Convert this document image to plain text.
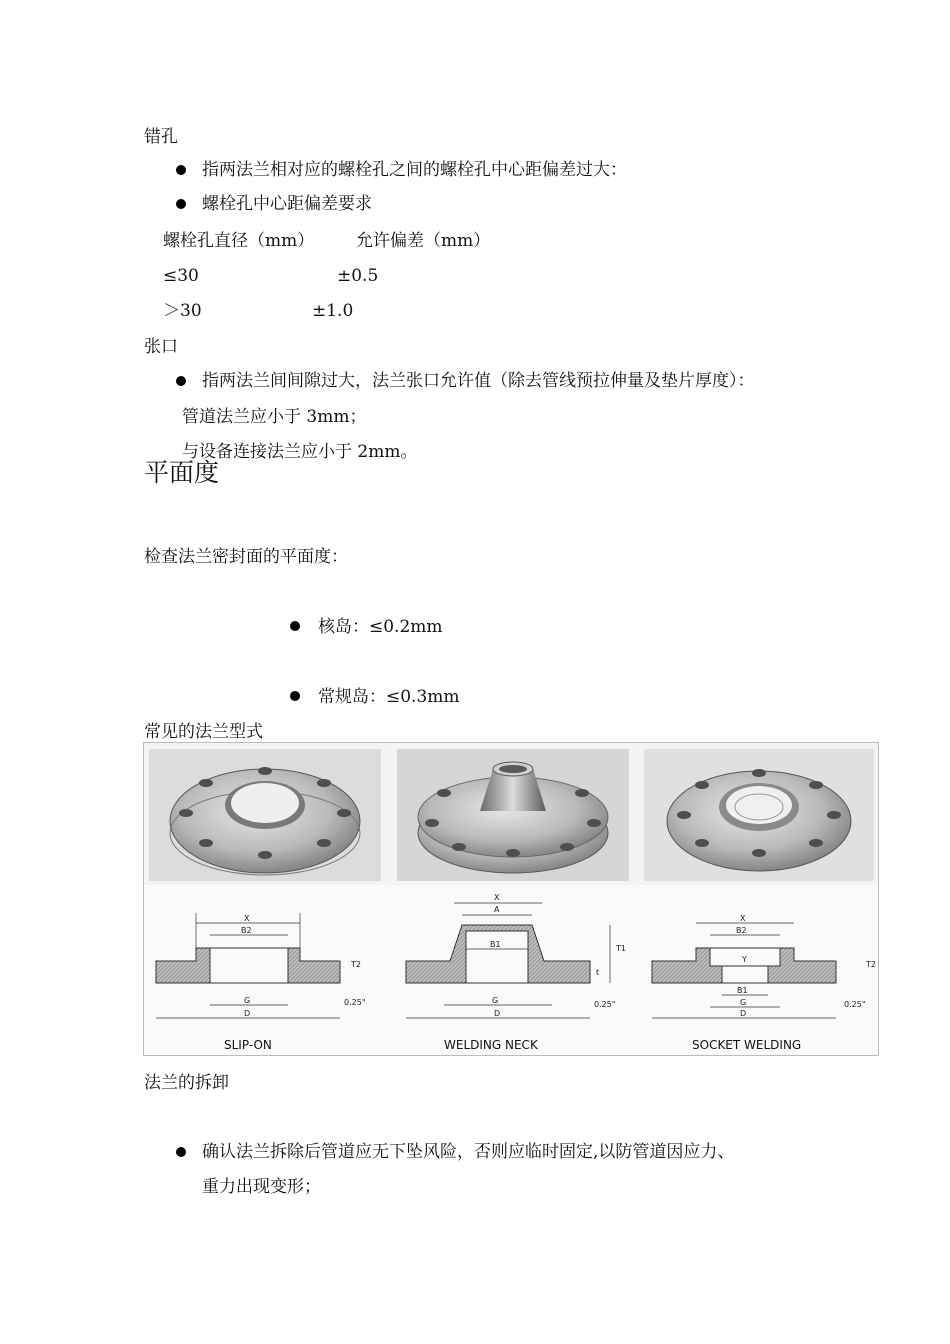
错孔
指两法兰相对应的螺栓孔之间的螺栓孔中心距偏差过大：
螺栓孔中心距偏差要求
螺栓孔直径（mm） 允许偏差（mm）
≤30	±0.5
＞30	±1.0
张口
指两法兰间间隙过大，法兰张口允许值（除去管线预拉伸量及垫片厚度）：
管道法兰应小于 3mm；
与设备连接法兰应小于 2mm。
平面度
检查法兰密封面的平面度：
核岛：≤0.2mm
常规岛：≤0.3mm
常见的法兰型式
X
B2
G
D
T2
0.25"
SLIP-ON
X
A
B1	T1
t
G
D
0.25"
WELDING NECK
X
B2
Y
B1
G
D
T2
0.25"
SOCKET WELDING
法兰的拆卸
确认法兰拆除后管道应无下坠风险，否则应临时固定,以防管道因应力、
重力出现变形；
